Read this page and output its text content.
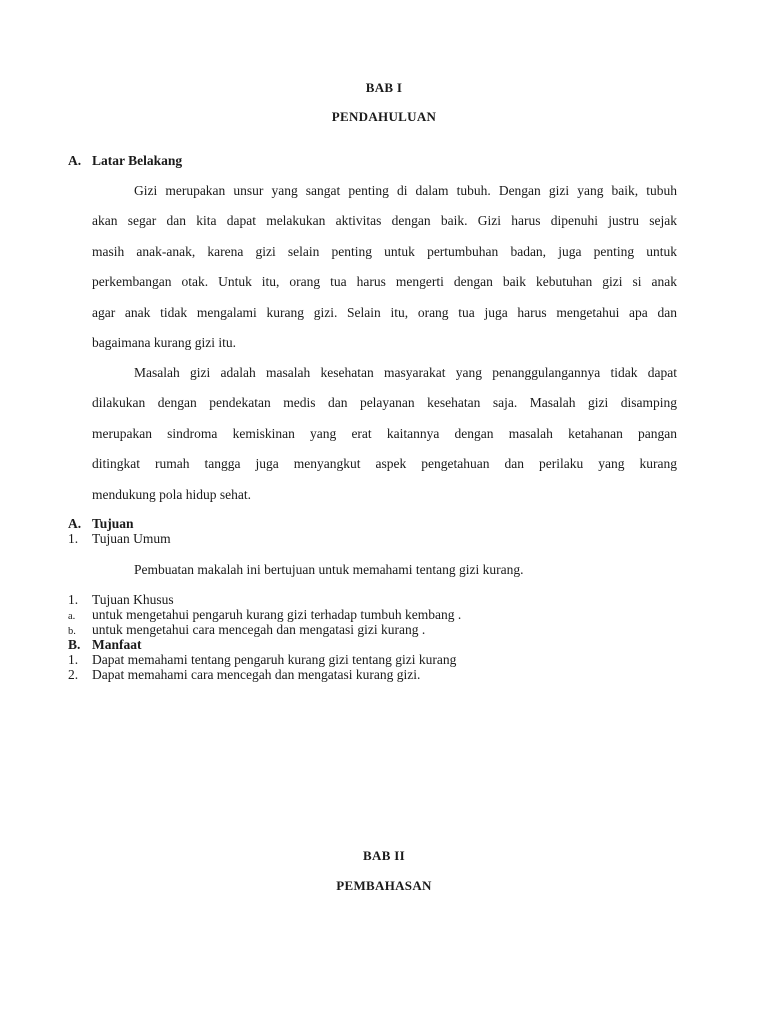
BAB I
PENDAHULUAN
A. Latar Belakang
Gizi merupakan unsur yang sangat penting di dalam tubuh. Dengan gizi yang baik, tubuh
akan segar dan kita dapat melakukan aktivitas dengan baik. Gizi harus dipenuhi justru sejak
masih anak-anak, karena gizi selain penting untuk pertumbuhan badan, juga penting untuk
perkembangan otak. Untuk itu, orang tua harus mengerti dengan baik kebutuhan gizi si anak
agar anak tidak mengalami kurang gizi. Selain itu, orang tua juga harus mengetahui apa dan
bagaimana kurang gizi itu.
Masalah gizi adalah masalah kesehatan masyarakat yang penanggulangannya tidak dapat
dilakukan dengan pendekatan medis dan pelayanan kesehatan saja. Masalah gizi disamping
merupakan sindroma kemiskinan yang erat kaitannya dengan masalah ketahanan pangan
ditingkat rumah tangga juga menyangkut aspek pengetahuan dan perilaku yang kurang
mendukung pola hidup sehat.
A. Tujuan
1. Tujuan Umum
Pembuatan makalah ini bertujuan untuk memahami tentang gizi kurang.
1. Tujuan Khusus
a. untuk mengetahui pengaruh kurang gizi terhadap tumbuh kembang .
b. untuk mengetahui cara mencegah dan mengatasi gizi kurang .
B. Manfaat
1. Dapat memahami tentang pengaruh kurang gizi tentang gizi kurang
2. Dapat memahami cara mencegah dan mengatasi kurang gizi.
BAB II
PEMBAHASAN
